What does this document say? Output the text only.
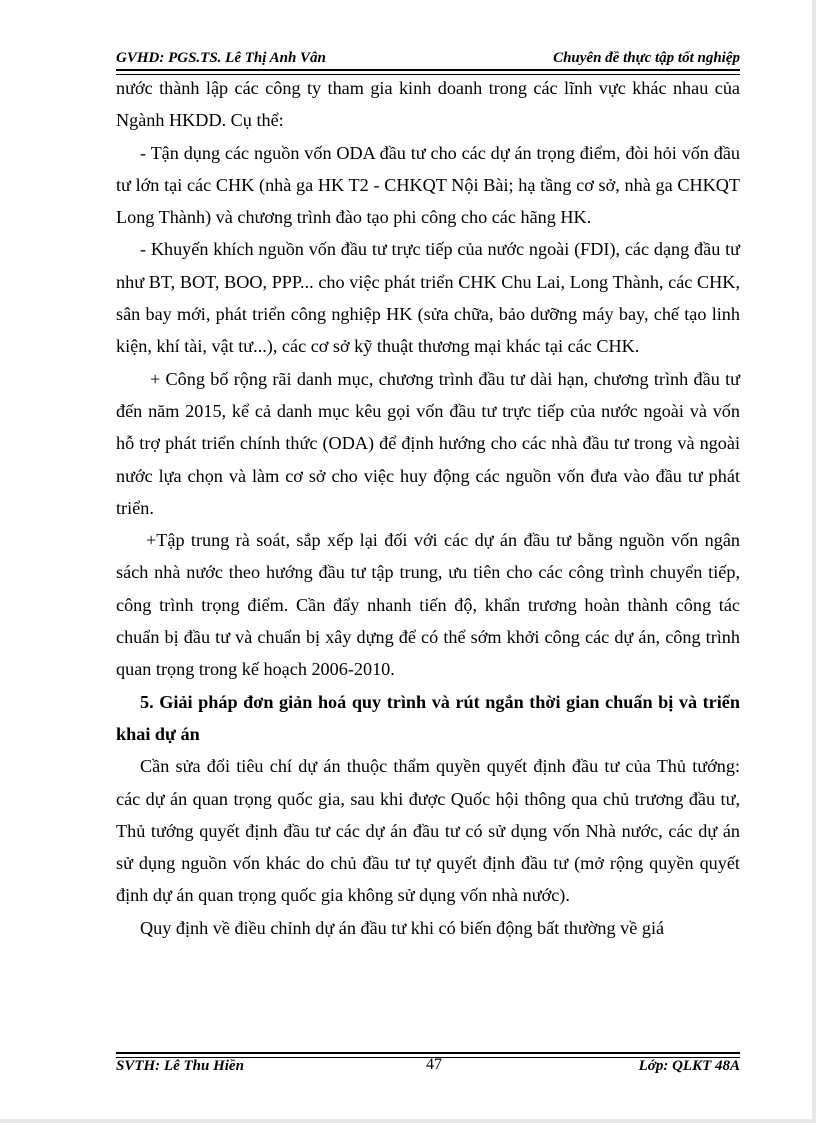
GVHD: PGS.TS. Lê Thị Anh Vân	Chuyên đề thực tập tốt nghiệp

nước thành lập các công ty tham gia kinh doanh trong các lĩnh vực khác nhau của Ngành HKDD. Cụ thể:

- Tận dụng các nguồn vốn ODA đầu tư cho các dự án trọng điểm, đòi hỏi vốn đầu tư lớn tại các CHK (nhà ga HK T2 - CHKQT Nội Bài; hạ tầng cơ sở, nhà ga CHKQT Long Thành) và chương trình đào tạo phi công cho các hãng HK.

- Khuyến khích nguồn vốn đầu tư trực tiếp của nước ngoài (FDI), các dạng đầu tư như BT, BOT, BOO, PPP... cho việc phát triển CHK Chu Lai, Long Thành, các CHK, sân bay mới, phát triển công nghiệp HK (sửa chữa, bảo dưỡng máy bay, chế tạo linh kiện, khí tài, vật tư...), các cơ sở kỹ thuật thương mại khác tại các CHK.

+ Công bố rộng rãi danh mục, chương trình đầu tư dài hạn, chương trình đầu tư đến năm 2015, kể cả danh mục kêu gọi vốn đầu tư trực tiếp của nước ngoài và vốn hỗ trợ phát triển chính thức (ODA) để định hướng cho các nhà đầu tư trong và ngoài nước lựa chọn và làm cơ sở cho việc huy động các nguồn vốn đưa vào đầu tư phát triển.

+Tập trung rà soát, sắp xếp lại đối với các dự án đầu tư bằng nguồn vốn ngân sách nhà nước theo hướng đầu tư tập trung, ưu tiên cho các công trình chuyển tiếp, công trình trọng điểm. Cần đẩy nhanh tiến độ, khẩn trương hoàn thành công tác chuẩn bị đầu tư và chuẩn bị xây dựng để có thể sớm khởi công các dự án, công trình quan trọng trong kế hoạch 2006-2010.

5. Giải pháp đơn giản hoá quy trình và rút ngắn thời gian chuẩn bị và triển khai dự án

Cần sửa đổi tiêu chí dự án thuộc thẩm quyền quyết định đầu tư của Thủ tướng: các dự án quan trọng quốc gia, sau khi được Quốc hội thông qua chủ trương đầu tư, Thủ tướng quyết định đầu tư các dự án đầu tư có sử dụng vốn Nhà nước, các dự án sử dụng nguồn vốn khác do chủ đầu tư tự quyết định đầu tư (mở rộng quyền quyết định dự án quan trọng quốc gia không sử dụng vốn nhà nước).

Quy định về điều chỉnh dự án đầu tư khi có biến động bất thường về giá

SVTH: Lê Thu Hiền	47	Lớp: QLKT 48A
